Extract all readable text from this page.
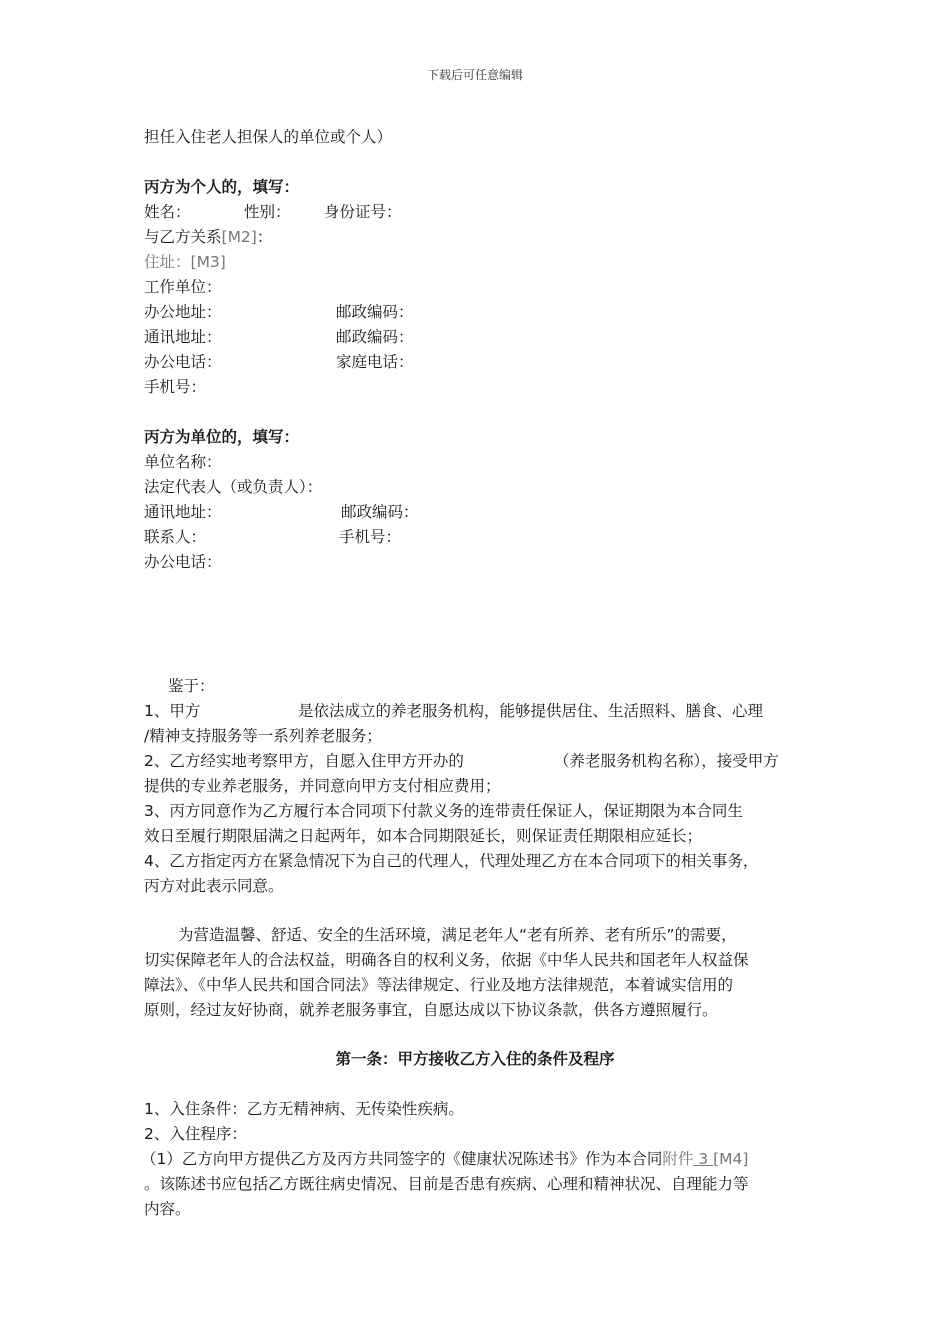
下载后可任意编辑
担任入住老人担保人的单位或个人）
丙方为个人的，填写：
姓名：	性别： 身份证号：
与乙方关系[M2]：
住址：[M3]
工作单位：
办公地址：	邮政编码：
通讯地址：	邮政编码：
办公电话：	家庭电话：
手机号：
丙方为单位的，填写：
单位名称：
法定代表人（或负责人）：
通讯地址：	邮政编码：
联系人：	手机号：
办公电话：
鉴于：
1、甲方	是依法成立的养老服务机构，能够提供居住、生活照料、膳食、心理
/精神支持服务等一系列养老服务；
2、乙方经实地考察甲方，自愿入住甲方开办的	（养老服务机构名称），接受甲方
提供的专业养老服务，并同意向甲方支付相应费用；
3、丙方同意作为乙方履行本合同项下付款义务的连带责任保证人，保证期限为本合同生
效日至履行期限届满之日起两年，如本合同期限延长，则保证责任期限相应延长；
4、乙方指定丙方在紧急情况下为自己的代理人，代理处理乙方在本合同项下的相关事务，
丙方对此表示同意。
为营造温馨、舒适、安全的生活环境，满足老年人“老有所养、老有所乐”的需要，
切实保障老年人的合法权益，明确各自的权利义务，依据《中华人民共和国老年人权益保
障法》、《中华人民共和国合同法》等法律规定、行业及地方法律规范，本着诚实信用的
原则，经过友好协商，就养老服务事宜，自愿达成以下协议条款，供各方遵照履行。
第一条：甲方接收乙方入住的条件及程序
1、入住条件：乙方无精神病、无传染性疾病。
2、入住程序：
（1）乙方向甲方提供乙方及丙方共同签字的《健康状况陈述书》作为本合同附件 3 [M4]
。该陈述书应包括乙方既往病史情况、目前是否患有疾病、心理和精神状况、自理能力等
内容。
